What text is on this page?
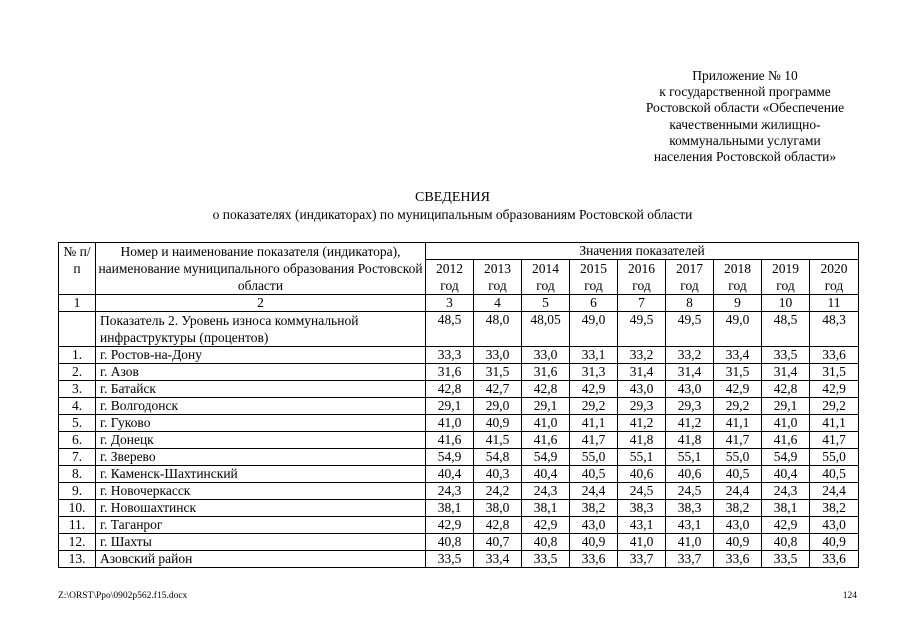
Приложение № 10
к государственной программе
Ростовской области «Обеспечение
качественными жилищно-
коммунальными услугами
населения Ростовской области»
СВЕДЕНИЯ
о показателях (индикаторах) по муниципальным образованиям Ростовской области
№ п/п	Номер и наименование показателя (индикатора), наименование муниципального образования Ростовской области	Значения показателей								
		2012 год	2013 год	2014 год	2015 год	2016 год	2017 год	2018 год	2019 год	2020 год
1	2	3	4	5	6	7	8	9	10	11
	Показатель 2. Уровень износа коммунальной инфраструктуры (процентов)	48,5	48,0	48,05	49,0	49,5	49,5	49,0	48,5	48,3
1.	г. Ростов-на-Дону	33,3	33,0	33,0	33,1	33,2	33,2	33,4	33,5	33,6
2.	г. Азов	31,6	31,5	31,6	31,3	31,4	31,4	31,5	31,4	31,5
3.	г. Батайск	42,8	42,7	42,8	42,9	43,0	43,0	42,9	42,8	42,9
4.	г. Волгодонск	29,1	29,0	29,1	29,2	29,3	29,3	29,2	29,1	29,2
5.	г. Гуково	41,0	40,9	41,0	41,1	41,2	41,2	41,1	41,0	41,1
6.	г. Донецк	41,6	41,5	41,6	41,7	41,8	41,8	41,7	41,6	41,7
7.	г. Зверево	54,9	54,8	54,9	55,0	55,1	55,1	55,0	54,9	55,0
8.	г. Каменск-Шахтинский	40,4	40,3	40,4	40,5	40,6	40,6	40,5	40,4	40,5
9.	г. Новочеркасск	24,3	24,2	24,3	24,4	24,5	24,5	24,4	24,3	24,4
10.	г. Новошахтинск	38,1	38,0	38,1	38,2	38,3	38,3	38,2	38,1	38,2
11.	г. Таганрог	42,9	42,8	42,9	43,0	43,1	43,1	43,0	42,9	43,0
12.	г. Шахты	40,8	40,7	40,8	40,9	41,0	41,0	40,9	40,8	40,9
13.	Азовский район	33,5	33,4	33,5	33,6	33,7	33,7	33,6	33,5	33,6
Z:\ORST\Ppo\0902p562.f15.docx	124
